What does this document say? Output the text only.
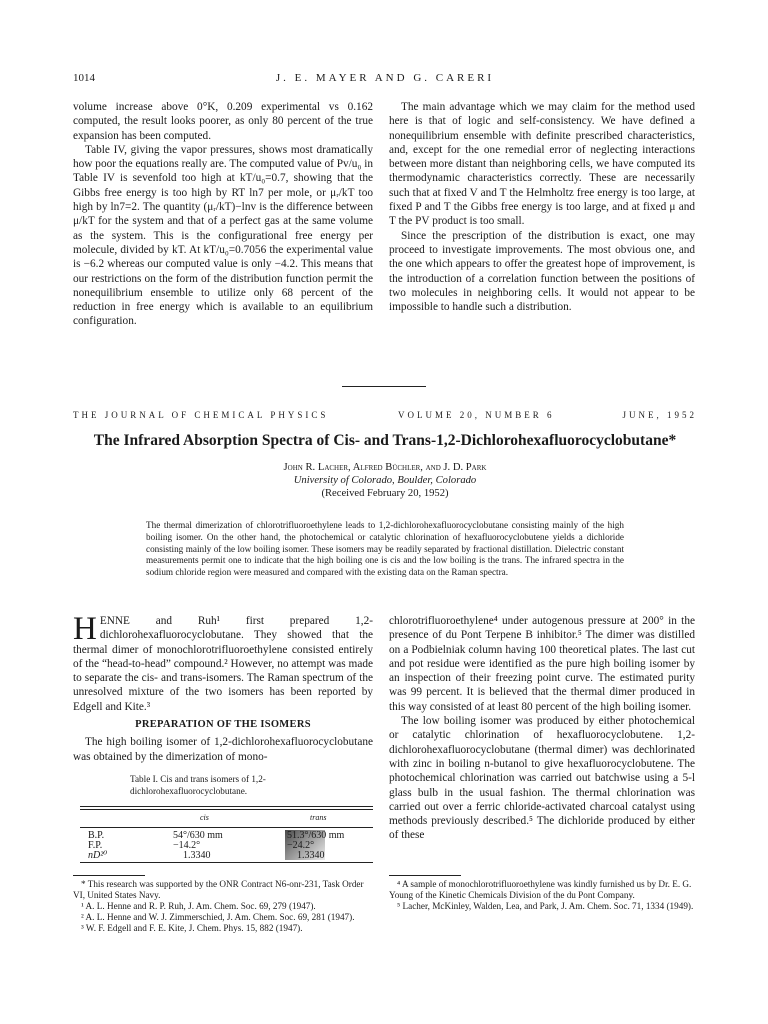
1014	J. E. MAYER AND G. CARERI

volume increase above 0°K, 0.209 experimental vs 0.162 computed, the result looks poorer, as only 80 percent of the true expansion has been computed.

Table IV, giving the vapor pressures, shows most dramatically how poor the equations really are. The computed value of Pv/u₀ in Table IV is sevenfold too high at kT/u₀=0.7, showing that the Gibbs free energy is too high by RT ln7 per mole, or μᵣ/kT too high by ln7=2. The quantity (μᵣ/kT)−lnv is the difference between μ/kT for the system and that of a perfect gas at the same volume as the system. This is the configurational free energy per molecule, divided by kT. At kT/u₀=0.7056 the experimental value is −6.2 whereas our computed value is only −4.2. This means that our restrictions on the form of the distribution function permit the nonequilibrium ensemble to utilize only 68 percent of the reduction in free energy which is available to an equilibrium configuration.

The main advantage which we may claim for the method used here is that of logic and self-consistency. We have defined a nonequilibrium ensemble with definite prescribed characteristics, and, except for the one remedial error of neglecting interactions between more distant than neighboring cells, we have computed its thermodynamic characteristics correctly. These are necessarily such that at fixed V and T the Helmholtz free energy is too large, at fixed P and T the Gibbs free energy is too large, and at fixed μ and T the PV product is too small.

Since the prescription of the distribution is exact, one may proceed to investigate improvements. The most obvious one, and the one which appears to offer the greatest hope of improvement, is the introduction of a correlation function between the positions of two molecules in neighboring cells. It would not appear to be impossible to handle such a distribution.

THE JOURNAL OF CHEMICAL PHYSICS	VOLUME 20, NUMBER 6	JUNE, 1952
The Infrared Absorption Spectra of Cis- and Trans-1,2-Dichlorohexafluorocyclobutane*
John R. Lacher, Alfred Büchler, and J. D. Park
University of Colorado, Boulder, Colorado
(Received February 20, 1952)
The thermal dimerization of chlorotrifluoroethylene leads to 1,2-dichlorohexafluorocyclobutane consisting mainly of the high boiling isomer. On the other hand, the photochemical or catalytic chlorination of hexafluorocyclobutene yields a dichloride consisting mainly of the low boiling isomer. These isomers may be readily separated by fractional distillation. Dielectric constant measurements permit one to indicate that the high boiling one is cis and the low boiling is the trans. The infrared spectra in the sodium chloride region were measured and compared with the existing data on the Raman spectra.

HENNE and Ruh¹ first prepared 1,2-dichlorohexafluorocyclobutane. They showed that the thermal dimer of monochlorotrifluoroethylene consisted entirely of the “head-to-head” compound.² However, no attempt was made to separate the cis- and trans-isomers. The Raman spectrum of the unresolved mixture of the two isomers has been reported by Edgell and Kite.³

PREPARATION OF THE ISOMERS

The high boiling isomer of 1,2-dichlorohexafluorocyclobutane was obtained by the dimerization of mono-

Table I. Cis and trans isomers of 1,2-dichlorohexafluorocyclobutane.
cis	trans
B.P.	54°/630 mm	51.3°/630 mm
F.P.	−14.2°	−24.2°
nD²⁰	1.3340	1.3340

chlorotrifluoroethylene⁴ under autogenous pressure at 200° in the presence of du Pont Terpene B inhibitor.⁵ The dimer was distilled on a Podbielniak column having 100 theoretical plates. The last cut and pot residue were identified as the pure high boiling isomer by an inspection of their freezing point curve. The estimated purity was 99 percent. It is believed that the thermal dimer produced in this way consisted of at least 80 percent of the high boiling isomer.

The low boiling isomer was produced by either photochemical or catalytic chlorination of hexafluorocyclobutene. 1,2-dichlorohexafluorocyclobutane (thermal dimer) was dechlorinated with zinc in boiling n-butanol to give hexafluorocyclobutene. The photochemical chlorination was carried out batchwise using a 5-l glass bulb in the usual fashion. The thermal chlorination was carried out over a ferric chloride-activated charcoal catalyst using methods previously described.⁵ The dichloride produced by either of these

* This research was supported by the ONR Contract N6-onr-231, Task Order VI, United States Navy.

¹ A. L. Henne and R. P. Ruh, J. Am. Chem. Soc. 69, 279 (1947).

² A. L. Henne and W. J. Zimmerschied, J. Am. Chem. Soc. 69, 281 (1947).

³ W. F. Edgell and F. E. Kite, J. Chem. Phys. 15, 882 (1947).

⁴ A sample of monochlorotrifluoroethylene was kindly furnished us by Dr. E. G. Young of the Kinetic Chemicals Division of the du Pont Company.

⁵ Lacher, McKinley, Walden, Lea, and Park, J. Am. Chem. Soc. 71, 1334 (1949).
